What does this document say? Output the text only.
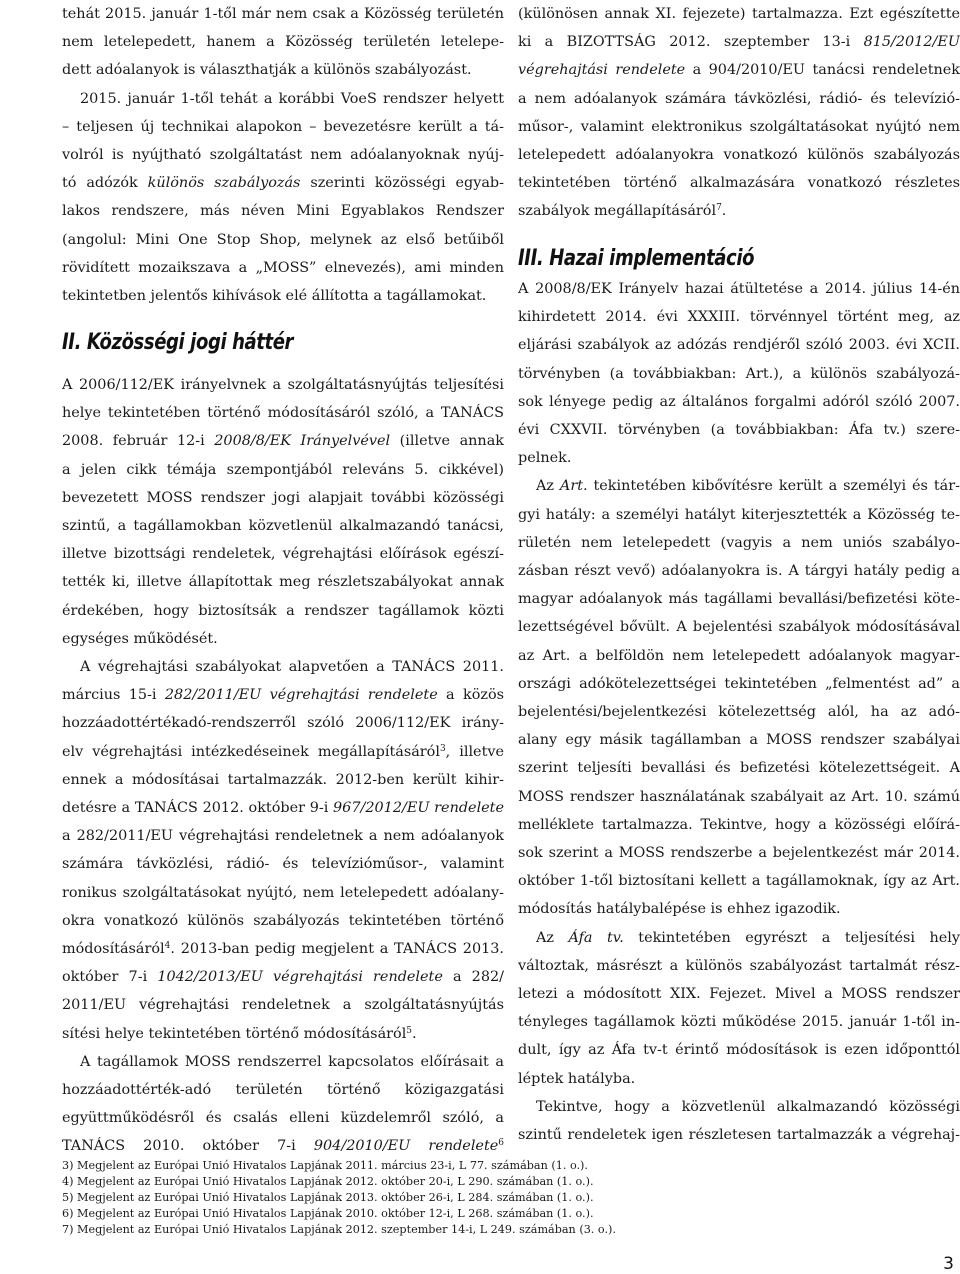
tehát 2015. január 1-től már nem csak a Közösség területén
nem letelepedett, hanem a Közösség területén letelepe-
dett adóalanyok is választhatják a különös szabályozást.
2015. január 1-től tehát a korábbi VoeS rendszer helyett
– teljesen új technikai alapokon – bevezetésre került a tá-
volról is nyújtható szolgáltatást nem adóalanyoknak nyúj-
tó adózók különös szabályozás szerinti közösségi egyab-
lakos rendszere, más néven Mini Egyablakos Rendszer
(angolul: Mini One Stop Shop, melynek az első betűiből
rövidített mozaikszava a „MOSS” elnevezés), ami minden
tekintetben jelentős kihívások elé állította a tagállamokat.
II. Közösségi jogi háttér
A 2006/112/EK irányelvnek a szolgáltatásnyújtás teljesítési
helye tekintetében történő módosításáról szóló, a TANÁCS
2008. február 12-i 2008/8/EK Irányelvével (illetve annak
a jelen cikk témája szempontjából releváns 5. cikkével)
bevezetett MOSS rendszer jogi alapjait további közösségi
szintű, a tagállamokban közvetlenül alkalmazandó tanácsi,
illetve bizottsági rendeletek, végrehajtási előírások egészí-
tették ki, illetve állapítottak meg részletszabályokat annak
érdekében, hogy biztosítsák a rendszer tagállamok közti
egységes működését.
A végrehajtási szabályokat alapvetően a TANÁCS 2011.
március 15-i 282/2011/EU végrehajtási rendelete a közös
hozzáadottértékadó-rendszerről szóló 2006/112/EK irány-
elv végrehajtási intézkedéseinek megállapításáról$^3$, illetve
ennek a módosításai tartalmazzák. 2012-ben került kihir-
detésre a TANÁCS 2012. október 9-i 967/2012/EU rendelete
a 282/2011/EU végrehajtási rendeletnek a nem adóalanyok
számára távközlési, rádió- és televízióműsor-, valamint
ronikus szolgáltatásokat nyújtó, nem letelepedett adóalany-
okra vonatkozó különös szabályozás tekintetében történő
módosításáról$^4$. 2013-ban pedig megjelent a TANÁCS 2013.
október 7-i 1042/2013/EU végrehajtási rendelete a 282/
2011/EU végrehajtási rendeletnek a szolgáltatásnyújtás
sítési helye tekintetében történő módosításáról$^5$.
A tagállamok MOSS rendszerrel kapcsolatos előírásait a
hozzáadottérték-adó területén történő közigazgatási
együttműködésről és csalás elleni küzdelemről szóló, a
TANÁCS 2010. október 7-i 904/2010/EU rendelete$^6$
(különösen annak XI. fejezete) tartalmazza. Ezt egészítette
ki a BIZOTTSÁG 2012. szeptember 13-i 815/2012/EU
végrehajtási rendelete a 904/2010/EU tanácsi rendeletnek
a nem adóalanyok számára távközlési, rádió- és televízió-
műsor-, valamint elektronikus szolgáltatásokat nyújtó nem
letelepedett adóalanyokra vonatkozó különös szabályozás
tekintetében történő alkalmazására vonatkozó részletes
szabályok megállapításáról$^7$.
III. Hazai implementáció
A 2008/8/EK Irányelv hazai átültetése a 2014. július 14-én
kihirdetett 2014. évi XXXIII. törvénnyel történt meg, az
eljárási szabályok az adózás rendjéről szóló 2003. évi XCII.
törvényben (a továbbiakban: Art.), a különös szabályozá-
sok lényege pedig az általános forgalmi adóról szóló 2007.
évi CXXVII. törvényben (a továbbiakban: Áfa tv.) szere-
pelnek.
Az Art. tekintetében kibővítésre került a személyi és tár-
gyi hatály: a személyi hatályt kiterjesztették a Közösség te-
rületén nem letelepedett (vagyis a nem uniós szabályo-
zásban részt vevő) adóalanyokra is. A tárgyi hatály pedig a
magyar adóalanyok más tagállami bevallási/befizetési köte-
lezettségével bővült. A bejelentési szabályok módosításával
az Art. a belföldön nem letelepedett adóalanyok magyar-
országi adókötelezettségei tekintetében „felmentést ad” a
bejelentési/bejelentkezési kötelezettség alól, ha az adó-
alany egy másik tagállamban a MOSS rendszer szabályai
szerint teljesíti bevallási és befizetési kötelezettségeit. A
MOSS rendszer használatának szabályait az Art. 10. számú
melléklete tartalmazza. Tekintve, hogy a közösségi előírá-
sok szerint a MOSS rendszerbe a bejelentkezést már 2014.
október 1-től biztosítani kellett a tagállamoknak, így az Art.
módosítás hatálybalépése is ehhez igazodik.
Az Áfa tv. tekintetében egyrészt a teljesítési hely
változtak, másrészt a különös szabályozást tartalmát rész-
letezi a módosított XIX. Fejezet. Mivel a MOSS rendszer
tényleges tagállamok közti működése 2015. január 1-től in-
dult, így az Áfa tv-t érintő módosítások is ezen időponttól
léptek hatályba.
Tekintve, hogy a közvetlenül alkalmazandó közösségi
szintű rendeletek igen részletesen tartalmazzák a végrehaj-
3) Megjelent az Európai Unió Hivatalos Lapjának 2011. március 23-i, L 77. számában (1. o.).
4) Megjelent az Európai Unió Hivatalos Lapjának 2012. október 20-i, L 290. számában (1. o.).
5) Megjelent az Európai Unió Hivatalos Lapjának 2013. október 26-i, L 284. számában (1. o.).
6) Megjelent az Európai Unió Hivatalos Lapjának 2010. október 12-i, L 268. számában (1. o.).
7) Megjelent az Európai Unió Hivatalos Lapjának 2012. szeptember 14-i, L 249. számában (3. o.).
3
